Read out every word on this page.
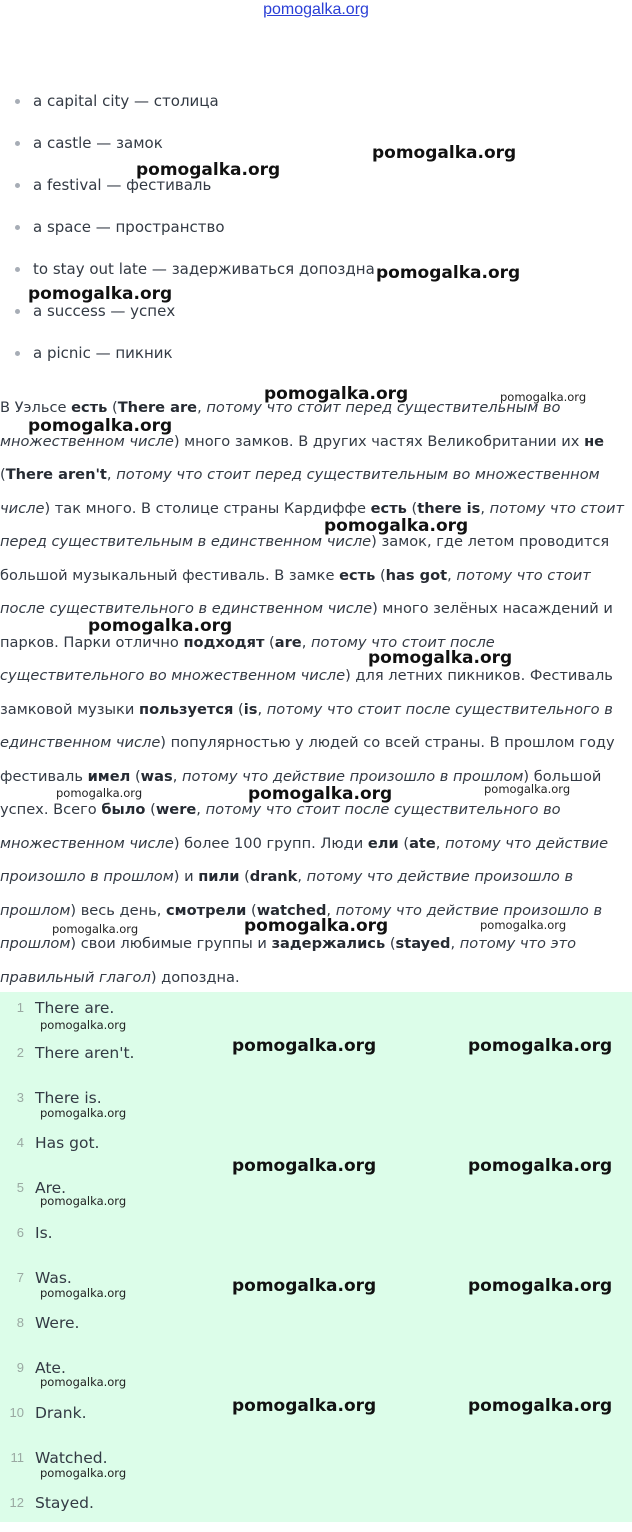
pomogalka.org
a capital city — столица
a castle — замок
a festival — фестиваль
a space — пространство
to stay out late — задерживаться допоздна
a success — успех
a picnic — пикник

В Уэльсе есть (There are, потому что стоит перед существительным во множественном числе) много замков. В других частях Великобритании их не (There aren't, потому что стоит перед существительным во множественном числе) так много. В столице страны Кардиффе есть (there is, потому что стоит перед существительным в единственном числе) замок, где летом проводится большой музыкальный фестиваль. В замке есть (has got, потому что стоит после существительного в единственном числе) много зелёных насаждений и парков. Парки отлично подходят (are, потому что стоит после существительного во множественном числе) для летних пикников. Фестиваль замковой музыки пользуется (is, потому что стоит после существительного в единственном числе) популярностью у людей со всей страны. В прошлом году фестиваль имел (was, потому что действие произошло в прошлом) большой успех. Всего было (were, потому что стоит после существительного во множественном числе) более 100 групп. Люди ели (ate, потому что действие произошло в прошлом) и пили (drank, потому что действие произошло в прошлом) весь день, смотрели (watched, потому что действие произошло в прошлом) свои любимые группы и задержались (stayed, потому что это правильный глагол) допоздна.

1 There are.
2 There aren't.
3 There is.
4 Has got.
5 Are.
6 Is.
7 Was.
8 Were.
9 Ate.
10 Drank.
11 Watched.
12 Stayed.
pomogalka.org
pomogalka.org
pomogalka.org
pomogalka.org
pomogalka.org
pomogalka.org	pomogalka.org
pomogalka.org
pomogalka.org
pomogalka.org
pomogalka.org	pomogalka.org	pomogalka.org
pomogalka.org	pomogalka.org	pomogalka.org
pomogalka.org	pomogalka.org
pomogalka.org	pomogalka.org
pomogalka.org	pomogalka.org
pomogalka.org	pomogalka.org
pomogalka.org
pomogalka.org
pomogalka.org
pomogalka.org
pomogalka.org
pomogalka.org
